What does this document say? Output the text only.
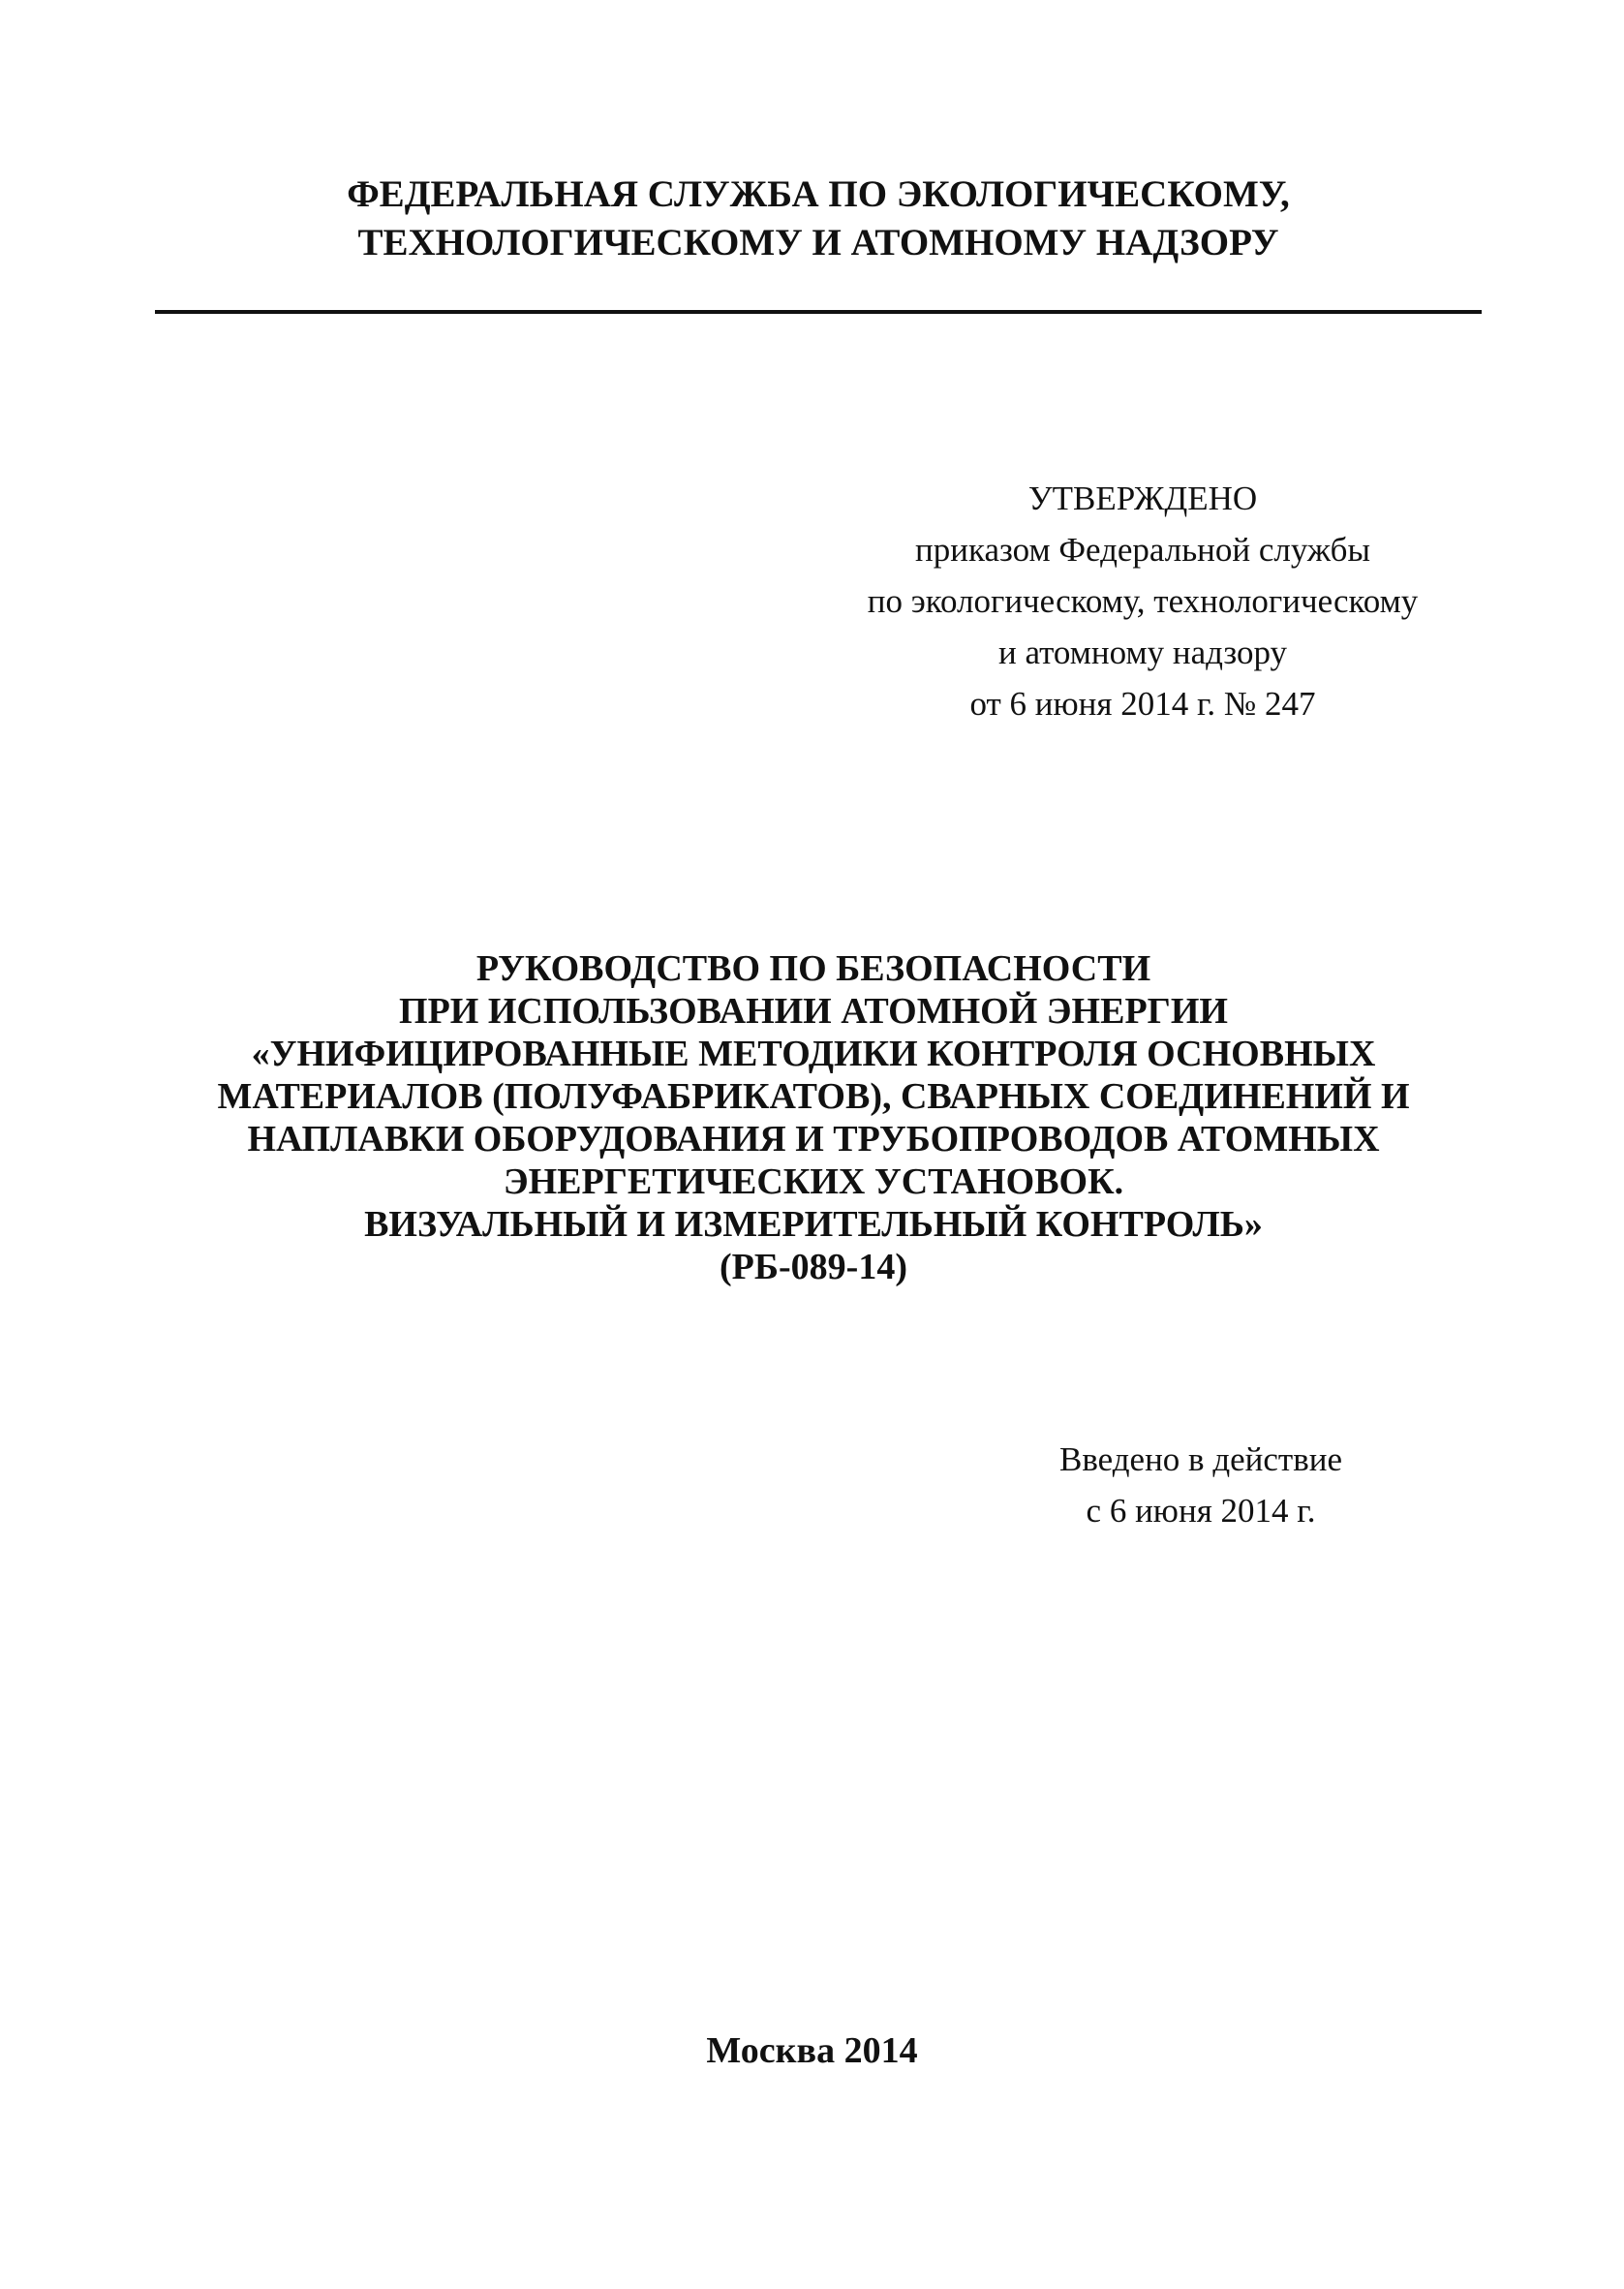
ФЕДЕРАЛЬНАЯ СЛУЖБА ПО ЭКОЛОГИЧЕСКОМУ,
ТЕХНОЛОГИЧЕСКОМУ И АТОМНОМУ НАДЗОРУ
УТВЕРЖДЕНО
приказом Федеральной службы
по экологическому, технологическому
и атомному надзору
от 6 июня 2014 г. № 247
РУКОВОДСТВО ПО БЕЗОПАСНОСТИ
ПРИ ИСПОЛЬЗОВАНИИ АТОМНОЙ ЭНЕРГИИ
«УНИФИЦИРОВАННЫЕ МЕТОДИКИ КОНТРОЛЯ ОСНОВНЫХ
МАТЕРИАЛОВ (ПОЛУФАБРИКАТОВ), СВАРНЫХ СОЕДИНЕНИЙ И
НАПЛАВКИ ОБОРУДОВАНИЯ И ТРУБОПРОВОДОВ АТОМНЫХ
ЭНЕРГЕТИЧЕСКИХ УСТАНОВОК.
ВИЗУАЛЬНЫЙ И ИЗМЕРИТЕЛЬНЫЙ КОНТРОЛЬ»
(РБ-089-14)
Введено в действие
с 6 июня 2014 г.
Москва 2014
